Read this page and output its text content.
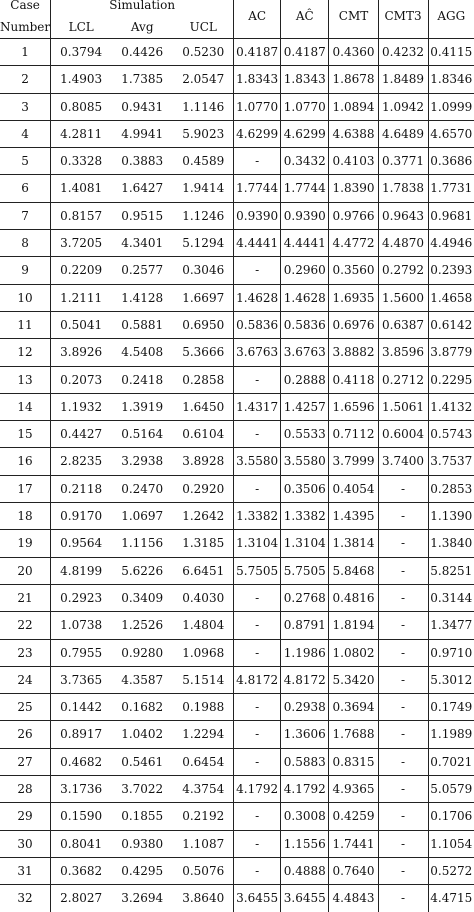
Case	Simulation			AC	AĈ	CMT	CMT3	AGG
Number	LCL	Avg	UCL					
1	0.3794	0.4426	0.5230	0.4187	0.4187	0.4360	0.4232	0.4115
2	1.4903	1.7385	2.0547	1.8343	1.8343	1.8678	1.8489	1.8346
3	0.8085	0.9431	1.1146	1.0770	1.0770	1.0894	1.0942	1.0999
4	4.2811	4.9941	5.9023	4.6299	4.6299	4.6388	4.6489	4.6570
5	0.3328	0.3883	0.4589	-	0.3432	0.4103	0.3771	0.3686
6	1.4081	1.6427	1.9414	1.7744	1.7744	1.8390	1.7838	1.7731
7	0.8157	0.9515	1.1246	0.9390	0.9390	0.9766	0.9643	0.9681
8	3.7205	4.3401	5.1294	4.4441	4.4441	4.4772	4.4870	4.4946
9	0.2209	0.2577	0.3046	-	0.2960	0.3560	0.2792	0.2393
10	1.2111	1.4128	1.6697	1.4628	1.4628	1.6935	1.5600	1.4658
11	0.5041	0.5881	0.6950	0.5836	0.5836	0.6976	0.6387	0.6142
12	3.8926	4.5408	5.3666	3.6763	3.6763	3.8882	3.8596	3.8779
13	0.2073	0.2418	0.2858	-	0.2888	0.4118	0.2712	0.2295
14	1.1932	1.3919	1.6450	1.4317	1.4257	1.6596	1.5061	1.4132
15	0.4427	0.5164	0.6104	-	0.5533	0.7112	0.6004	0.5743
16	2.8235	3.2938	3.8928	3.5580	3.5580	3.7999	3.7400	3.7537
17	0.2118	0.2470	0.2920	-	0.3506	0.4054	-	0.2853
18	0.9170	1.0697	1.2642	1.3382	1.3382	1.4395	-	1.1390
19	0.9564	1.1156	1.3185	1.3104	1.3104	1.3814	-	1.3840
20	4.8199	5.6226	6.6451	5.7505	5.7505	5.8468	-	5.8251
21	0.2923	0.3409	0.4030	-	0.2768	0.4816	-	0.3144
22	1.0738	1.2526	1.4804	-	0.8791	1.8194	-	1.3477
23	0.7955	0.9280	1.0968	-	1.1986	1.0802	-	0.9710
24	3.7365	4.3587	5.1514	4.8172	4.8172	5.3420	-	5.3012
25	0.1442	0.1682	0.1988	-	0.2938	0.3694	-	0.1749
26	0.8917	1.0402	1.2294	-	1.3606	1.7688	-	1.1989
27	0.4682	0.5461	0.6454	-	0.5883	0.8315	-	0.7021
28	3.1736	3.7022	4.3754	4.1792	4.1792	4.9365	-	5.0579
29	0.1590	0.1855	0.2192	-	0.3008	0.4259	-	0.1706
30	0.8041	0.9380	1.1087	-	1.1556	1.7441	-	1.1054
31	0.3682	0.4295	0.5076	-	0.4888	0.7640	-	0.5272
32	2.8027	3.2694	3.8640	3.6455	3.6455	4.4843	-	4.4715
